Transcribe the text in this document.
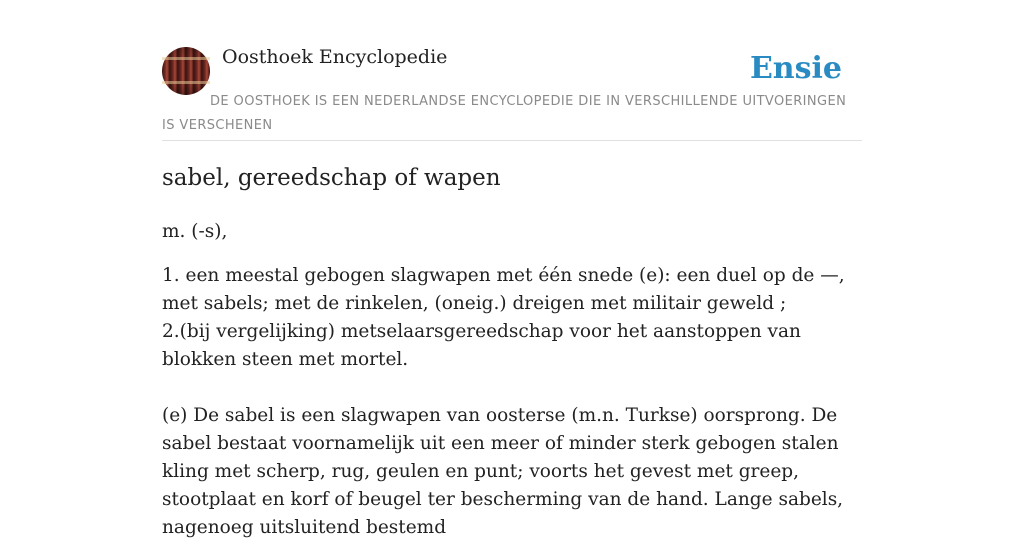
Oosthoek Encyclopedie	Ensie
DE OOSTHOEK IS EEN NEDERLANDSE ENCYCLOPEDIE DIE IN VERSCHILLENDE UITVOERINGEN IS VERSCHENEN
sabel, gereedschap of wapen

m. (-s),

1. een meestal gebogen slagwapen met één snede (e): een duel op de —, met sabels; met de rinkelen, (oneig.) dreigen met militair geweld ;

2.(bij vergelijking) metselaarsgereedschap voor het aanstoppen van blokken steen met mortel.

(e) De sabel is een slagwapen van oosterse (m.n. Turkse) oorsprong. De sabel bestaat voornamelijk uit een meer of minder sterk gebogen stalen kling met scherp, rug, geulen en punt; voorts het gevest met greep, stootplaat en korf of beugel ter bescherming van de hand. Lange sabels, nagenoeg uitsluitend bestemd
